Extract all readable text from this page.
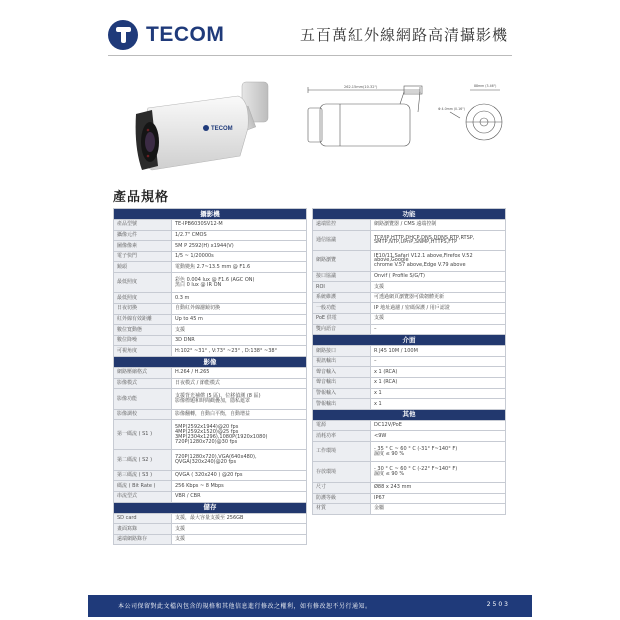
TECOM	五百萬紅外線網路高清攝影機
TECOM
262.15mm(10.32")	88mm (3.46")
Φ 4.0mm (0.16")
產品規格
攝影機	
產品型號	TE-IPB6030SV12-M

攝像元件	1/2.7" CMOS

圖像像素	5M P 2592(H) x1944(V)

電子快門	1/5 ~ 1/20000s

鏡頭	電動變焦 2.7~13.5 mm @ F1.6

最低照度	彩色 0.004 lux @ F1.6 (AGC ON)
黑白 0 lux @ IR ON

最低照度	0.3 m

日夜切換	自動紅外線濾鏡切換

紅外線有效距離	Up to 45 m

數位寬動態	支援

數位降噪	3D DNR

可視角度	H:102° ~31° , V:73° ~23° , D:138° ~38°

影像	
網路壓縮格式	H.264 / H.265

影像模式	日夜模式 / 節能模式

影像功能	支援背光補償 (5 區)、位移偵測 (8 區)
影像標題和時間戳疊加，隱私遮罩

影像調校	影像翻轉，自動白平衡，自動增益

第一碼流 ( S1 )	5MP(2592x1944)@20 fps
4MP(2592x1520)@25 fps
3MP(2304x1296),1080P(1920x1080)
720P(1280x720)@30 fps

第二碼流 ( S2 )	720P(1280x720),VGA(640x480),
QVGA(320x240)@20 fps

第三碼流 ( S3 )	QVGA ( 320x240 ) @20 fps

碼流 ( Bit Rate )	256 Kbps ~ 8 Mbps

串流型式	VBR / CBR

儲存	
SD card	支援，最大容量支援至 256GB

畫面寫錄	支援

遠端網路錄存	支援
功能	
遠端監控	網路瀏覽器 / CMS 遠端控制

通信協議	TCP/IP,HTTP,DHCP,DNS,DDNS,RTP,RTSP,
SMTP,NTP,UPnP,SNMP,HTTPS,FTP

網路瀏覽	IE10/11,Safari V12.1 above,Firefox V.52 above,Google
chrome V.57 above,Edge V.79 above

接口協議	Onvif ( Profile S/G/T)

ROI	支援

系統維護	可透過網頁瀏覽器可做韌體更新

一般功能	IP 地址過濾 / 密碼保護 / 用戶認證

PoE 供電	支援

雙向語音	–

介面	
網路接口	R J45 10M / 100M

視訊輸出	–

聲音輸入	x 1 (RCA)

聲音輸出	x 1 (RCA)

警報輸入	x 1

警報輸出	x 1

其他	
電源	DC12V/PoE

消耗功率	<9W

工作環境	- 35 ° C ~ 60 ° C (-31° F~140° F)
濕度 ≤ 90 %

存放環境	- 30 ° C ~ 60 ° C (-22° F~140° F)
濕度 ≤ 90 %

尺寸	Ø88 x 243 mm

防護等級	IP67

材質	金屬
本公司保留對此文檔內包含的規格和其他信息進行修改之權利，如有修改恕不另行通知。	2503
